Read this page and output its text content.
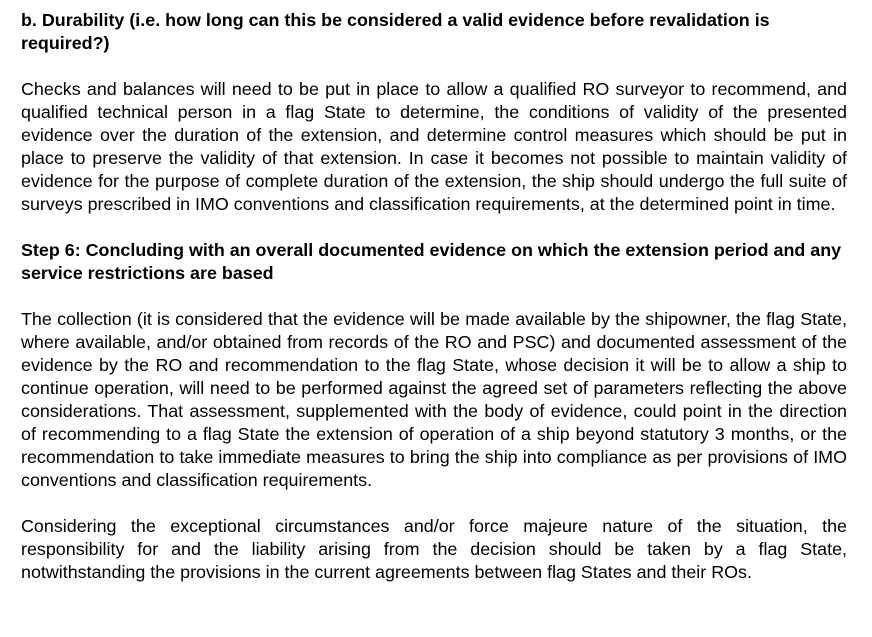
b. Durability (i.e. how long can this be considered a valid evidence before revalidation is required?)

Checks and balances will need to be put in place to allow a qualified RO surveyor to recommend, and qualified technical person in a flag State to determine, the conditions of validity of the presented evidence over the duration of the extension, and determine control measures which should be put in place to preserve the validity of that extension. In case it becomes not possible to maintain validity of evidence for the purpose of complete duration of the extension, the ship should undergo the full suite of surveys prescribed in IMO conventions and classification requirements, at the determined point in time.

Step 6: Concluding with an overall documented evidence on which the extension period and any service restrictions are based

The collection (it is considered that the evidence will be made available by the shipowner, the flag State, where available, and/or obtained from records of the RO and PSC) and documented assessment of the evidence by the RO and recommendation to the flag State, whose decision it will be to allow a ship to continue operation, will need to be performed against the agreed set of parameters reflecting the above considerations. That assessment, supplemented with the body of evidence, could point in the direction of recommending to a flag State the extension of operation of a ship beyond statutory 3 months, or the recommendation to take immediate measures to bring the ship into compliance as per provisions of IMO conventions and classification requirements.

Considering the exceptional circumstances and/or force majeure nature of the situation, the responsibility for and the liability arising from the decision should be taken by a flag State, notwithstanding the provisions in the current agreements between flag States and their ROs.
